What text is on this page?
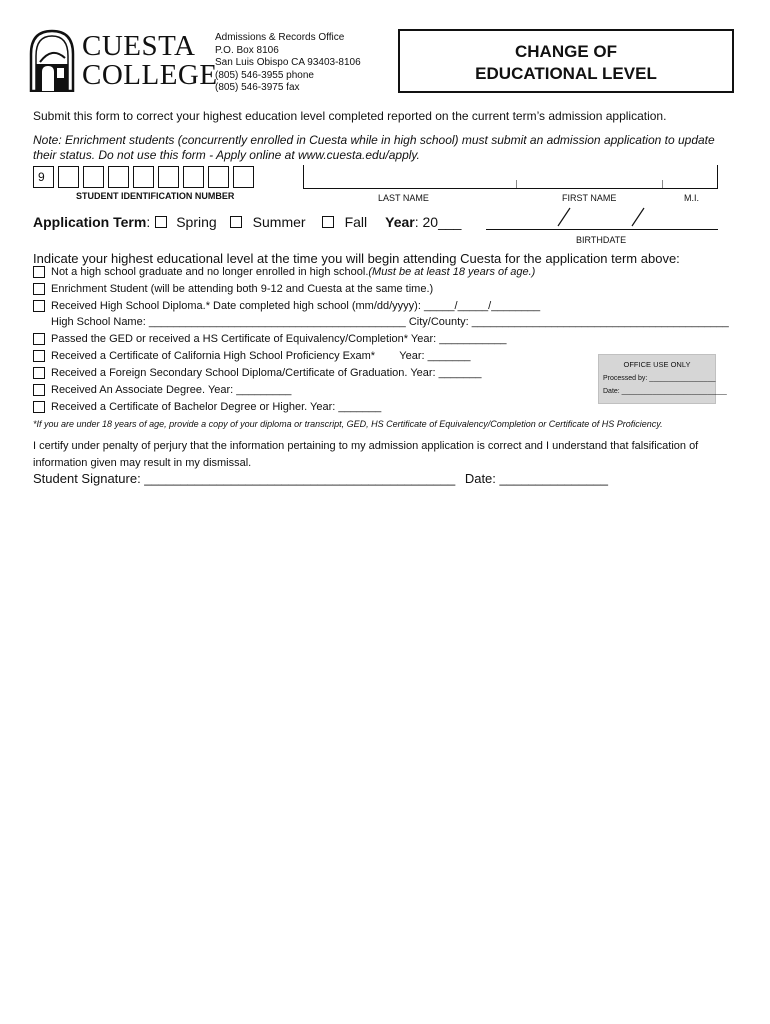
CUESTA
COLLEGE
Admissions & Records Office
P.O. Box 8106
San Luis Obispo CA 93403-8106
(805) 546-3955 phone
(805) 546-3975 fax
CHANGE OF
EDUCATIONAL LEVEL
Submit this form to correct your highest education level completed reported on the current term’s admission application.
Note: Enrichment students (concurrently enrolled in Cuesta while in high school) must submit an admission application to update their status. Do not use this form - Apply online at www.cuesta.edu/apply.
9
STUDENT IDENTIFICATION NUMBER	LAST NAME	FIRST NAME	M.I.
Application Term : Spring	Summer	Fall Year : 20___
BIRTHDATE
Indicate your highest educational level at the time you will begin attending Cuesta for the application term above:
Not a high school graduate and no longer enrolled in high school. (Must be at least 18 years of age.)
Enrichment Student (will be attending both 9-12 and Cuesta at the same time.)
Received High School Diploma.* Date completed high school (mm/dd/yyyy): _____/_____/________
High School Name: __________________________________________ City/County: __________________________________________
Passed the GED or received a HS Certificate of Equivalency/Completion* Year: ___________
Received a Certificate of California High School Proficiency Exam*        Year: _______
Received a Foreign Secondary School Diploma/Certificate of Graduation. Year: _______
Received An Associate Degree. Year: _________
Received a Certificate of Bachelor Degree or Higher. Year: _______
OFFICE USE ONLY
Processed by: _________________
Date: ___________________________
*If you are under 18 years of age, provide a copy of your diploma or transcript, GED, HS Certificate of Equivalency/Completion or Certificate of HS Proficiency.
I certify under penalty of perjury that the information pertaining to my admission application is correct and I understand that falsification of information given may result in my dismissal.
Student Signature: ___________________________________________ Date: _______________
